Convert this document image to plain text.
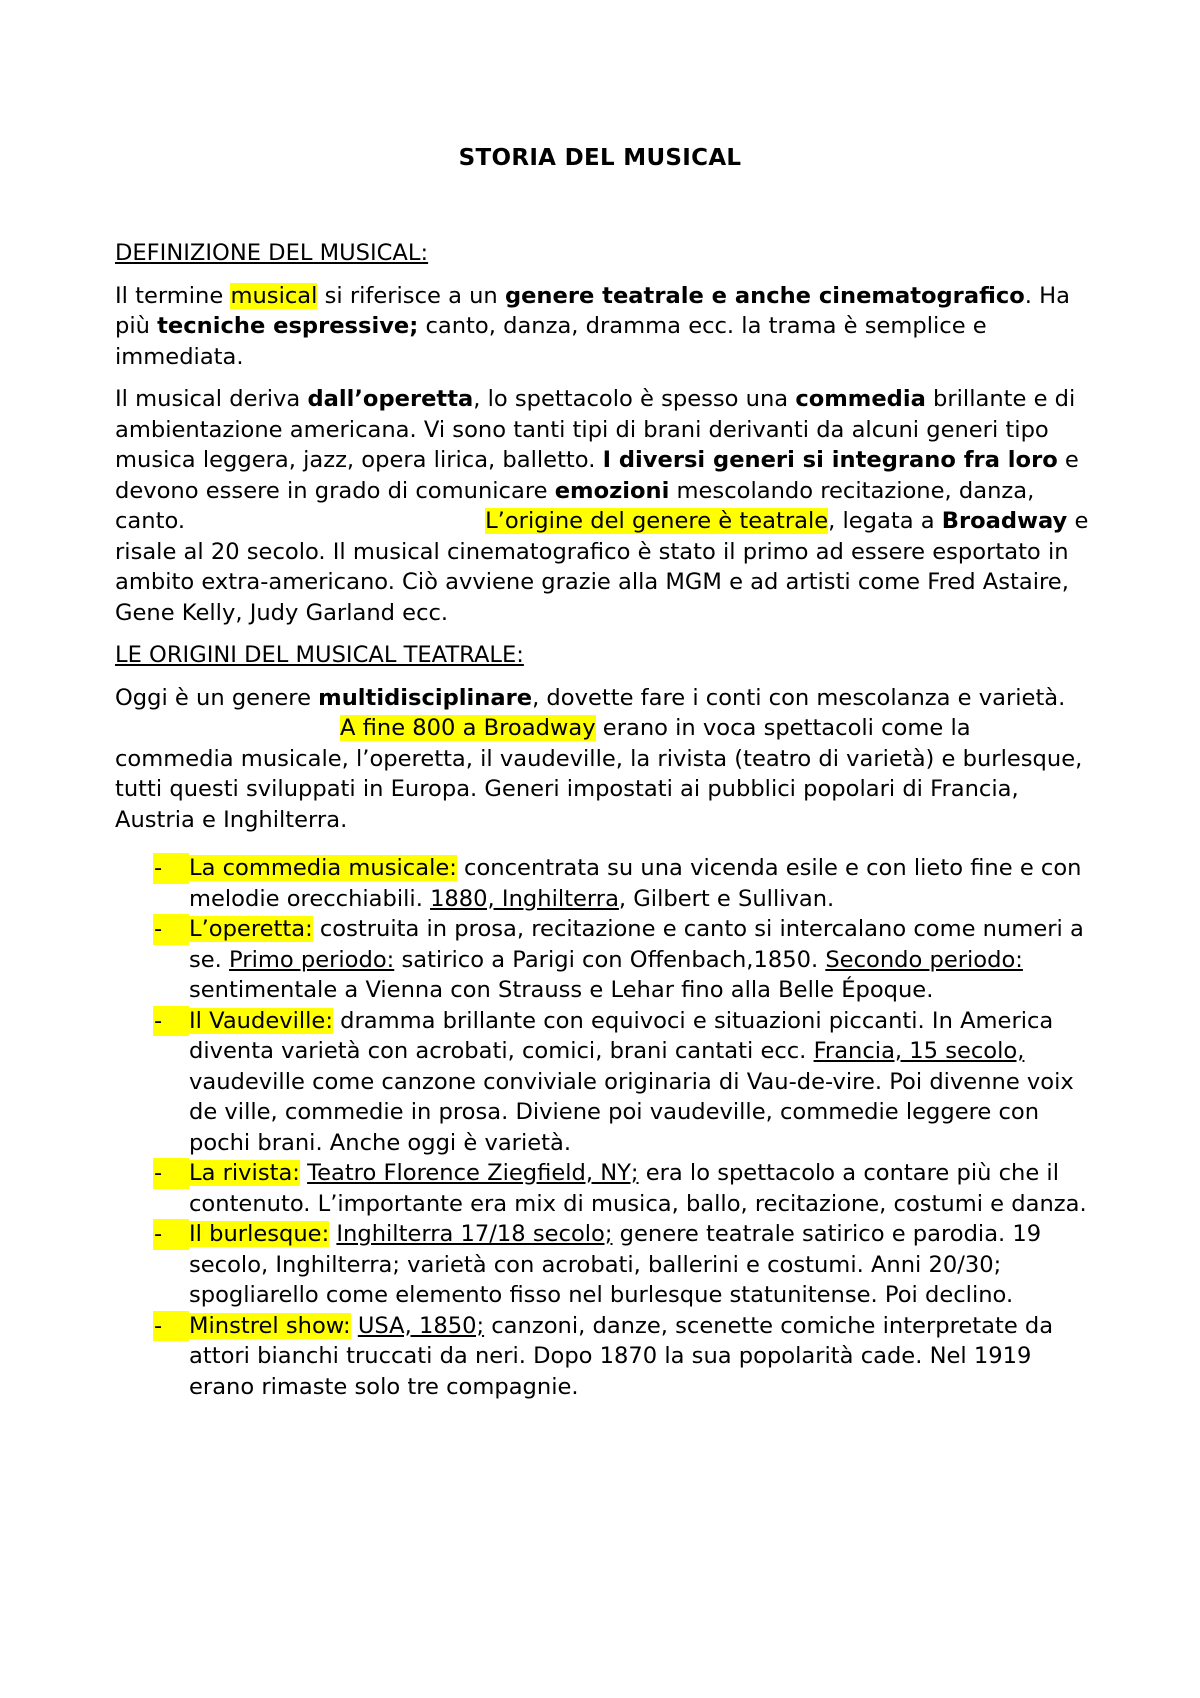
STORIA DEL MUSICAL
DEFINIZIONE DEL MUSICAL:

Il termine musical si riferisce a un genere teatrale e anche cinematografico. Ha più tecniche espressive; canto, danza, dramma ecc. la trama è semplice e immediata.

Il musical deriva dall’operetta, lo spettacolo è spesso una commedia brillante e di ambientazione americana. Vi sono tanti tipi di brani derivanti da alcuni generi tipo musica leggera, jazz, opera lirica, balletto. I diversi generi si integrano fra loro e devono essere in grado di comunicare emozioni mescolando recitazione, danza, canto.	L’origine del genere è teatrale, legata a Broadway e risale al 20 secolo. Il musical cinematografico è stato il primo ad essere esportato in ambito extra-americano. Ciò avviene grazie alla MGM e ad artisti come Fred Astaire, Gene Kelly, Judy Garland ecc.

LE ORIGINI DEL MUSICAL TEATRALE:

Oggi è un genere multidisciplinare, dovette fare i conti con mescolanza e varietà.A fine 800 a Broadway erano in voca spettacoli come la commedia musicale, l’operetta, il vaudeville, la rivista (teatro di varietà) e burlesque, tutti questi sviluppati in Europa. Generi impostati ai pubblici popolari di Francia, Austria e Inghilterra.

-
La commedia musicale: concentrata su una vicenda esile e con lieto fine e con melodie orecchiabili. 1880, Inghilterra, Gilbert e Sullivan.
-
L’operetta: costruita in prosa, recitazione e canto si intercalano come numeri a se. Primo periodo: satirico a Parigi con Offenbach,1850. Secondo periodo: sentimentale a Vienna con Strauss e Lehar fino alla Belle Époque.
-
Il Vaudeville: dramma brillante con equivoci e situazioni piccanti. In America diventa varietà con acrobati, comici, brani cantati ecc. Francia, 15 secolo, vaudeville come canzone conviviale originaria di Vau-de-vire. Poi divenne voix de ville, commedie in prosa. Diviene poi vaudeville, commedie leggere con pochi brani. Anche oggi è varietà.
-
La rivista: Teatro Florence Ziegfield, NY; era lo spettacolo a contare più che il contenuto. L’importante era mix di musica, ballo, recitazione, costumi e danza.
-
Il burlesque: Inghilterra 17/18 secolo; genere teatrale satirico e parodia. 19 secolo, Inghilterra; varietà con acrobati, ballerini e costumi. Anni 20/30; spogliarello come elemento fisso nel burlesque statunitense. Poi declino.
-
Minstrel show: USA, 1850; canzoni, danze, scenette comiche interpretate da attori bianchi truccati da neri. Dopo 1870 la sua popolarità cade. Nel 1919 erano rimaste solo tre compagnie.
